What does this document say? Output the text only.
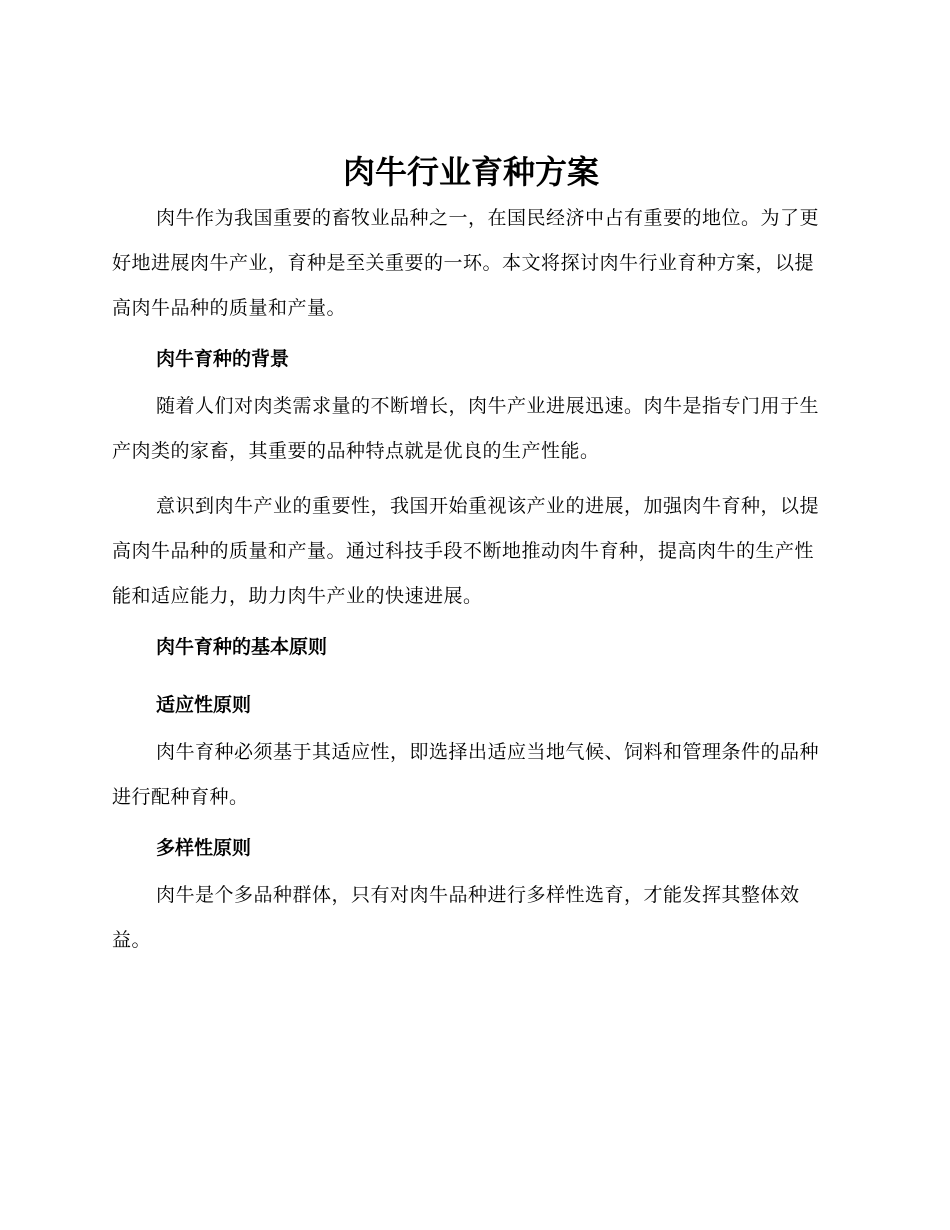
肉牛行业育种方案

肉牛作为我国重要的畜牧业品种之一，在国民经济中占有重要的地位。为了更好地进展肉牛产业，育种是至关重要的一环。本文将探讨肉牛行业育种方案，以提高肉牛品种的质量和产量。

肉牛育种的背景

随着人们对肉类需求量的不断增长，肉牛产业进展迅速。肉牛是指专门用于生产肉类的家畜，其重要的品种特点就是优良的生产性能。

意识到肉牛产业的重要性，我国开始重视该产业的进展，加强肉牛育种，以提高肉牛品种的质量和产量。通过科技手段不断地推动肉牛育种，提高肉牛的生产性能和适应能力，助力肉牛产业的快速进展。

肉牛育种的基本原则
适应性原则

肉牛育种必须基于其适应性，即选择出适应当地气候、饲料和管理条件的品种进行配种育种。

多样性原则

肉牛是个多品种群体，只有对肉牛品种进行多样性选育，才能发挥其整体效益。
